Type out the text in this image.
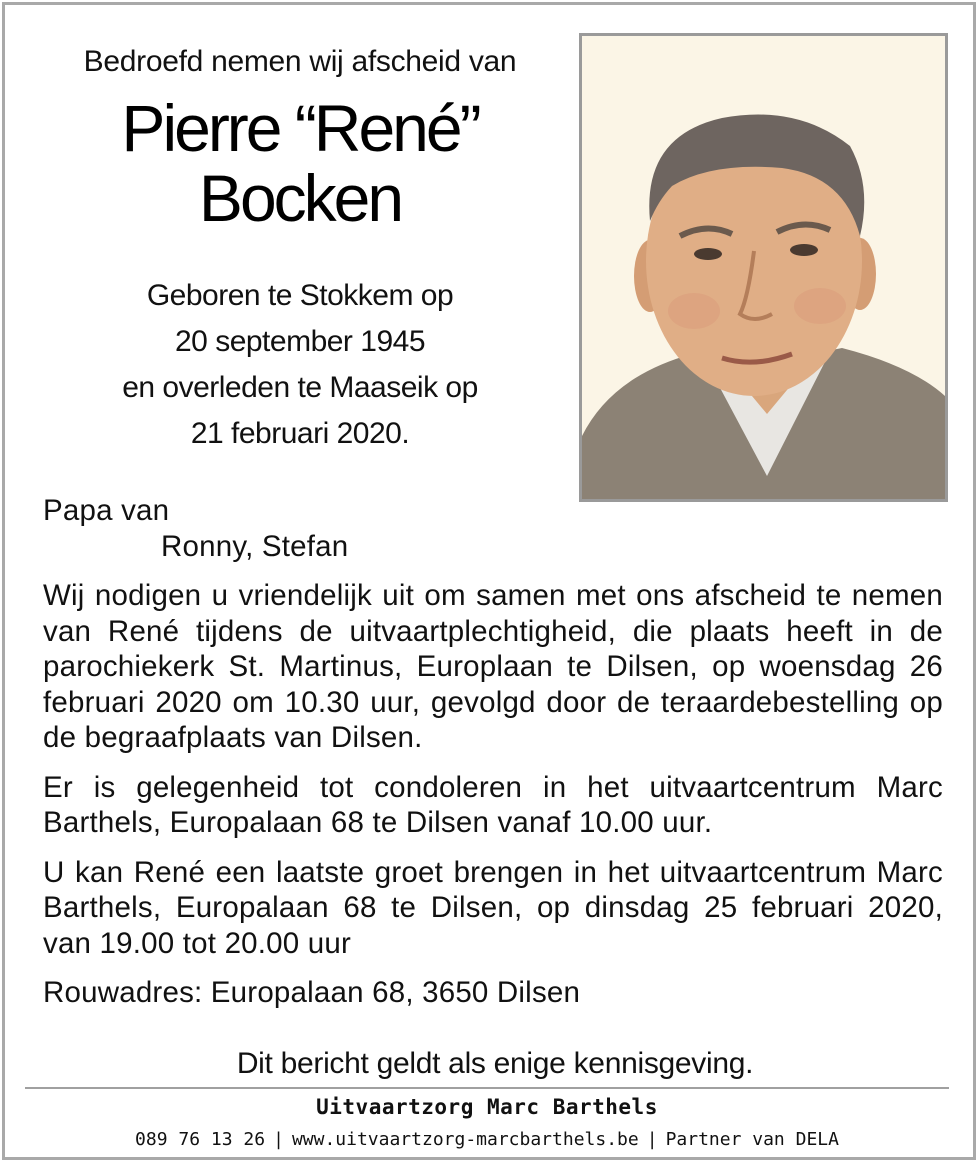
Bedroefd nemen wij afscheid van
Pierre “René”
Bocken
Geboren te Stokkem op
20 september 1945
en overleden te Maaseik op
21 februari 2020.

Papa van

Ronny, Stefan

Wij nodigen u vriendelijk uit om samen met ons afscheid te nemen van René tijdens de uitvaartplechtigheid, die plaats heeft in de parochiekerk St. Martinus, Europlaan te Dilsen, op woensdag 26 februari 2020 om 10.30 uur, gevolgd door de teraardebestelling op de begraafplaats van Dilsen.

Er is gelegenheid tot condoleren in het uitvaartcentrum Marc Barthels, Europalaan 68 te Dilsen vanaf 10.00 uur.

U kan René een laatste groet brengen in het uitvaartcentrum Marc Barthels, Europalaan 68 te Dilsen, op dinsdag 25 februari 2020, van 19.00 tot 20.00 uur

Rouwadres: Europalaan 68, 3650 Dilsen

Dit bericht geldt als enige kennisgeving.
Uitvaartzorg Marc Barthels
089 76 13 26 | www.uitvaartzorg-marcbarthels.be | Partner van DELA
